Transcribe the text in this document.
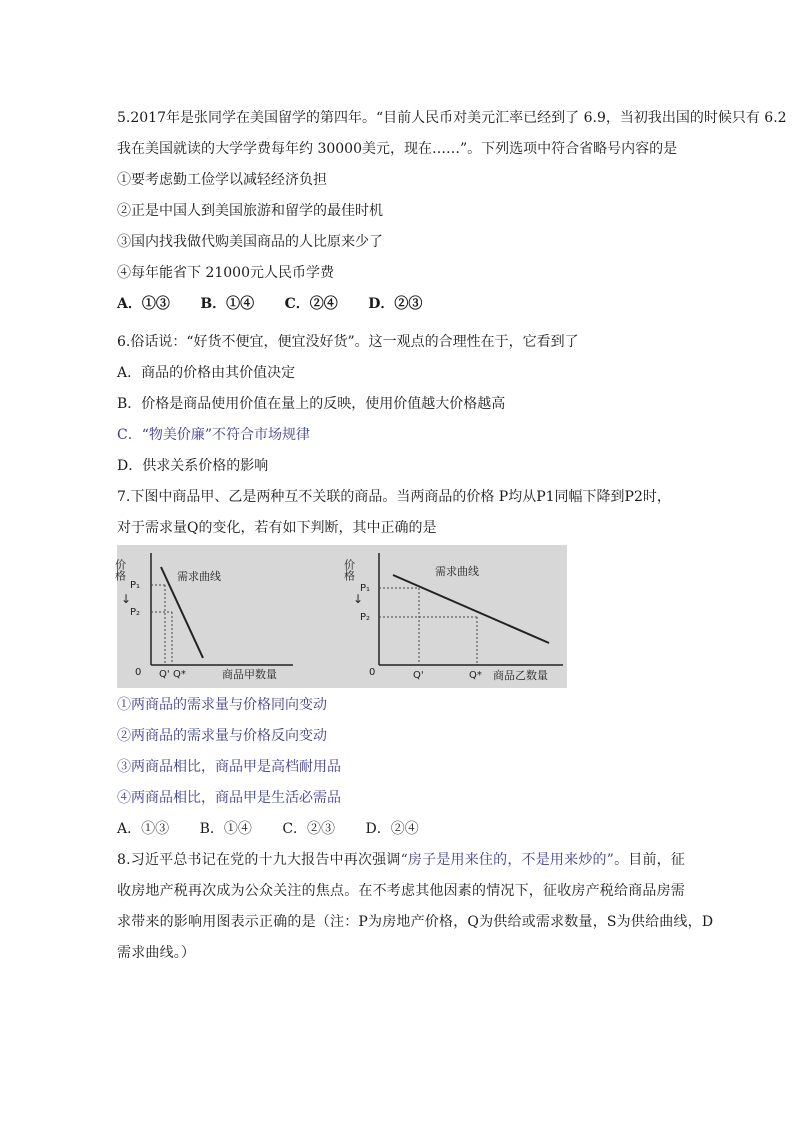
5.2017年是张同学在美国留学的第四年。“目前人民币对美元汇率已经到了 6.9，当初我出国的时候只有 6.2
我在美国就读的大学学费每年约 30000美元，现在……”。下列选项中符合省略号内容的是
①要考虑勤工俭学以减轻经济负担
②正是中国人到美国旅游和留学的最佳时机
③国内找我做代购美国商品的人比原来少了
④每年能省下 21000元人民币学费
A．①③ B．①④ C．②④ D．②③
6.俗话说：“好货不便宜，便宜没好货”。这一观点的合理性在于，它看到了
A．商品的价格由其价值决定
B．价格是商品使用价值在量上的反映，使用价值越大价格越高
C．“物美价廉”不符合市场规律
D．供求关系价格的影响
7.下图中商品甲、乙是两种互不关联的商品。当两商品的价格 P均从P1同幅下降到P2时，
对于需求量Q的变化，若有如下判断，其中正确的是
价格	需求曲线
P₁
P₂
↓
0 Q' Q*	商品甲数量
价格	需求曲线
P₁
P₂
↓
0	Q'	Q* 商品乙数量
①两商品的需求量与价格同向变动
②两商品的需求量与价格反向变动
③两商品相比，商品甲是高档耐用品
④两商品相比，商品甲是生活必需品
A．①③ B．①④ C．②③ D．②④
8.习近平总书记在党的十九大报告中再次强调“房子是用来住的，不是用来炒的”。目前，征
收房地产税再次成为公众关注的焦点。在不考虑其他因素的情况下，征收房产税给商品房需
求带来的影响用图表示正确的是（注：P为房地产价格，Q为供给或需求数量，S为供给曲线，D
需求曲线。）
